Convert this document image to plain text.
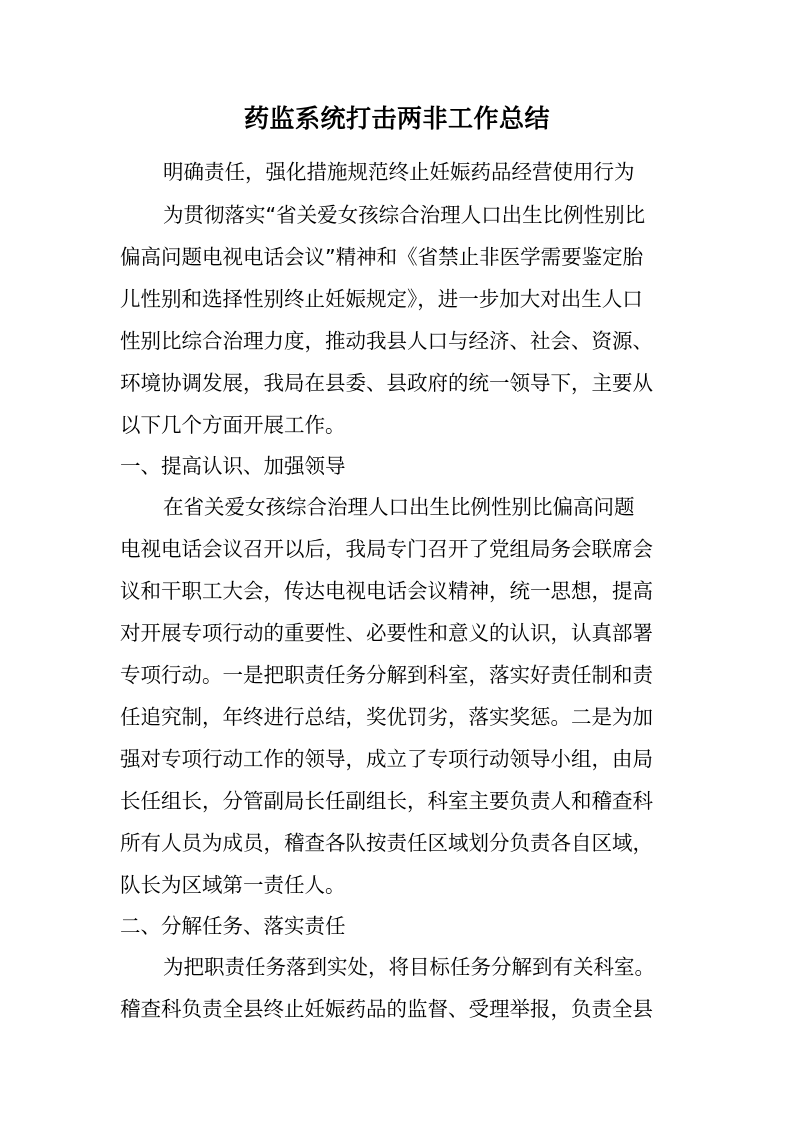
药监系统打击两非工作总结
明确责任，强化措施规范终止妊娠药品经营使用行为
为贯彻落实“省关爱女孩综合治理人口出生比例性别比
偏高问题电视电话会议”精神和《省禁止非医学需要鉴定胎
儿性别和选择性别终止妊娠规定》，进一步加大对出生人口
性别比综合治理力度，推动我县人口与经济、社会、资源、
环境协调发展，我局在县委、县政府的统一领导下，主要从
以下几个方面开展工作。
一、提高认识、加强领导
在省关爱女孩综合治理人口出生比例性别比偏高问题
电视电话会议召开以后，我局专门召开了党组局务会联席会
议和干职工大会，传达电视电话会议精神，统一思想，提高
对开展专项行动的重要性、必要性和意义的认识，认真部署
专项行动。一是把职责任务分解到科室，落实好责任制和责
任追究制，年终进行总结，奖优罚劣，落实奖惩。二是为加
强对专项行动工作的领导，成立了专项行动领导小组，由局
长任组长，分管副局长任副组长，科室主要负责人和稽查科
所有人员为成员，稽查各队按责任区域划分负责各自区域，
队长为区域第一责任人。
二、分解任务、落实责任
为把职责任务落到实处，将目标任务分解到有关科室。
稽查科负责全县终止妊娠药品的监督、受理举报，负责全县
